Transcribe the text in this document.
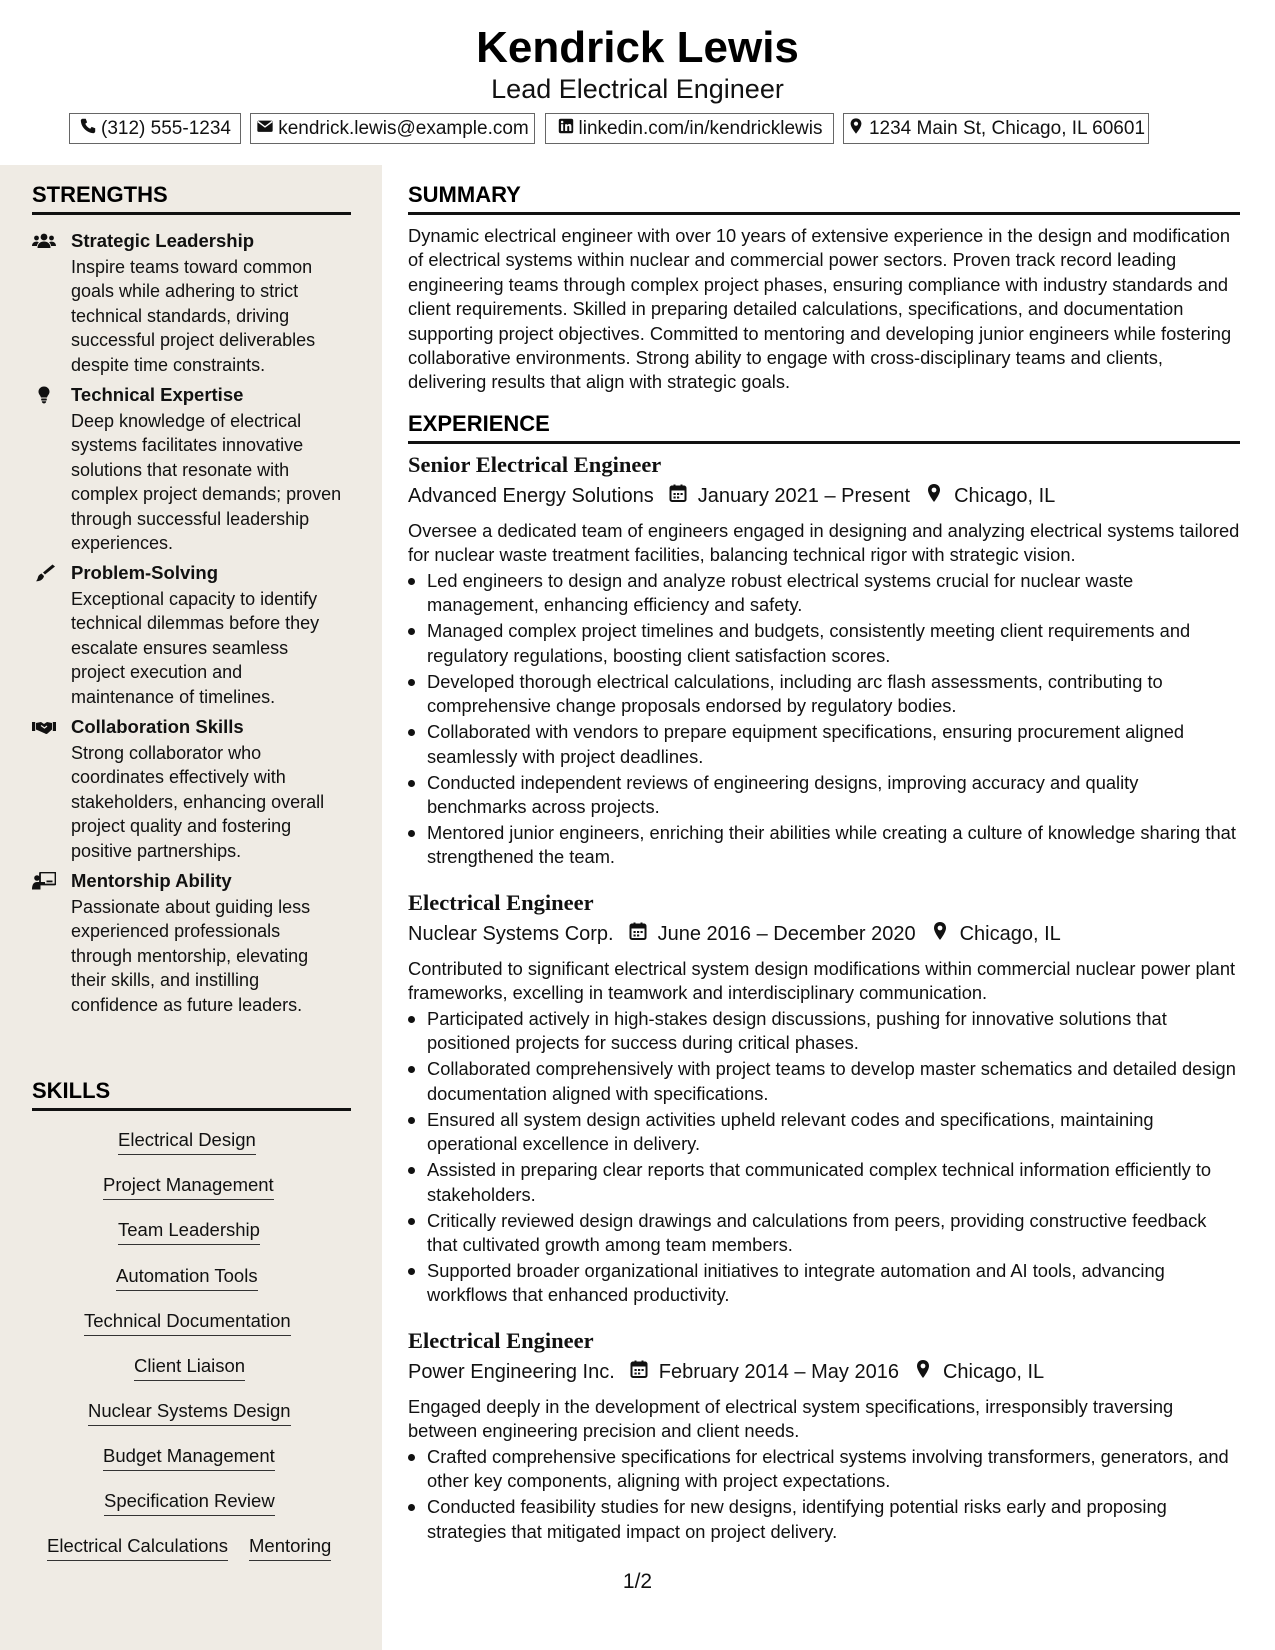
Kendrick Lewis
Lead Electrical Engineer
(312) 555-1234 kendrick.lewis@example.com	linkedin.com/in/kendricklewis 1234 Main St, Chicago, IL 60601
STRENGTHS
Strategic Leadership
Inspire teams toward common goals while adhering to strict technical standards, driving successful project deliverables despite time constraints.
Technical Expertise
Deep knowledge of electrical systems facilitates innovative solutions that resonate with complex project demands; proven through successful leadership experiences.
Problem-Solving
Exceptional capacity to identify technical dilemmas before they escalate ensures seamless project execution and maintenance of timelines.
Collaboration Skills
Strong collaborator who coordinates effectively with stakeholders, enhancing overall project quality and fostering positive partnerships.
Mentorship Ability
Passionate about guiding less experienced professionals through mentorship, elevating their skills, and instilling confidence as future leaders.
SKILLS
Electrical Design
Project Management
Team Leadership
Automation Tools
Technical Documentation
Client Liaison
Nuclear Systems Design
Budget Management
Specification Review
Electrical Calculations Mentoring
SUMMARY
Dynamic electrical engineer with over 10 years of extensive experience in the design and modification of electrical systems within nuclear and commercial power sectors. Proven track record leading engineering teams through complex project phases, ensuring compliance with industry standards and client requirements. Skilled in preparing detailed calculations, specifications, and documentation supporting project objectives. Committed to mentoring and developing junior engineers while fostering collaborative environments. Strong ability to engage with cross-disciplinary teams and clients, delivering results that align with strategic goals.
EXPERIENCE
Senior Electrical Engineer
Advanced Energy Solutions January 2021 – Present Chicago, IL
Oversee a dedicated team of engineers engaged in designing and analyzing electrical systems tailored for nuclear waste treatment facilities, balancing technical rigor with strategic vision.
Led engineers to design and analyze robust electrical systems crucial for nuclear waste management, enhancing efficiency and safety.
Managed complex project timelines and budgets, consistently meeting client requirements and regulatory regulations, boosting client satisfaction scores.
Developed thorough electrical calculations, including arc flash assessments, contributing to comprehensive change proposals endorsed by regulatory bodies.
Collaborated with vendors to prepare equipment specifications, ensuring procurement aligned seamlessly with project deadlines.
Conducted independent reviews of engineering designs, improving accuracy and quality benchmarks across projects.
Mentored junior engineers, enriching their abilities while creating a culture of knowledge sharing that strengthened the team.
Electrical Engineer
Nuclear Systems Corp. June 2016 – December 2020 Chicago, IL
Contributed to significant electrical system design modifications within commercial nuclear power plant frameworks, excelling in teamwork and interdisciplinary communication.
Participated actively in high-stakes design discussions, pushing for innovative solutions that positioned projects for success during critical phases.
Collaborated comprehensively with project teams to develop master schematics and detailed design documentation aligned with specifications.
Ensured all system design activities upheld relevant codes and specifications, maintaining operational excellence in delivery.
Assisted in preparing clear reports that communicated complex technical information efficiently to stakeholders.
Critically reviewed design drawings and calculations from peers, providing constructive feedback that cultivated growth among team members.
Supported broader organizational initiatives to integrate automation and AI tools, advancing workflows that enhanced productivity.
Electrical Engineer
Power Engineering Inc. February 2014 – May 2016 Chicago, IL
Engaged deeply in the development of electrical system specifications, irresponsibly traversing between engineering precision and client needs.
Crafted comprehensive specifications for electrical systems involving transformers, generators, and other key components, aligning with project expectations.
Conducted feasibility studies for new designs, identifying potential risks early and proposing strategies that mitigated impact on project delivery.
1/2
